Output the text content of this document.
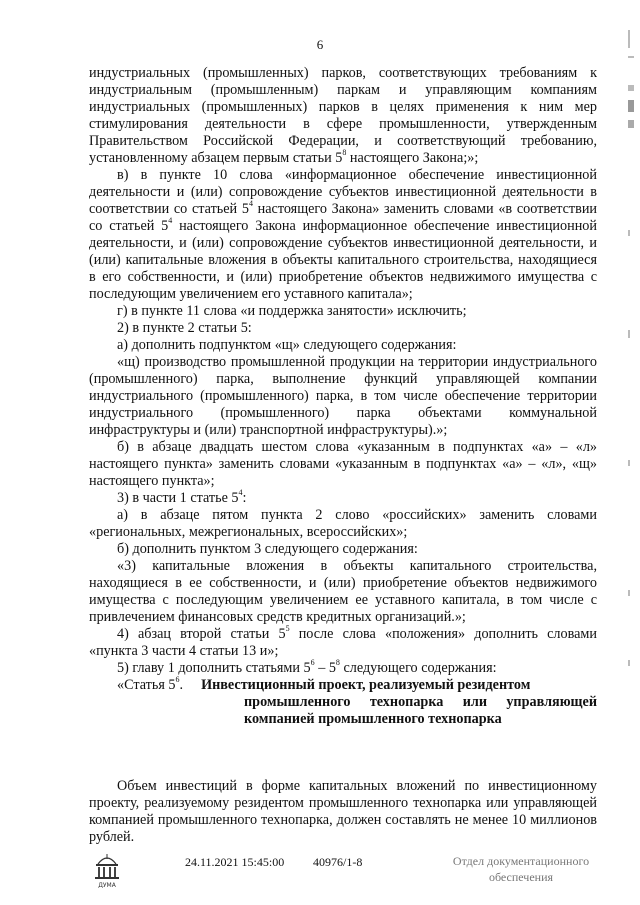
6

индустриальных (промышленных) парков, соответствующих требованиям к индустриальным (промышленным) паркам и управляющим компаниям индустриальных (промышленных) парков в целях применения к ним мер стимулирования деятельности в сфере промышленности, утвержденным Правительством Российской Федерации, и соответствующий требованию, установленному абзацем первым статьи $5^8$ настоящего Закона;»;

в) в пункте 10 слова «информационное обеспечение инвестиционной деятельности и (или) сопровождение субъектов инвестиционной деятельности в соответствии со статьей $5^4$ настоящего Закона» заменить словами «в соответствии со статьей $5^4$ настоящего Закона информационное обеспечение инвестиционной деятельности, и (или) сопровождение субъектов инвестиционной деятельности, и (или) капитальные вложения в объекты капитального строительства, находящиеся в его собственности, и (или) приобретение объектов недвижимого имущества с последующим увеличением его уставного капитала»;

г) в пункте 11 слова «и поддержка занятости» исключить;

2) в пункте 2 статьи 5:

а) дополнить подпунктом «щ» следующего содержания:

«щ) производство промышленной продукции на территории индустриального (промышленного) парка, выполнение функций управляющей компании индустриального (промышленного) парка, в том числе обеспечение территории индустриального (промышленного) парка объектами коммунальной инфраструктуры и (или) транспортной инфраструктуры).»;

б) в абзаце двадцать шестом слова «указанным в подпунктах «а» – «л» настоящего пункта» заменить словами «указанным в подпунктах «а» – «л», «щ» настоящего пункта»;

3) в части 1 статье $5^4$:

а) в абзаце пятом пункта 2 слово «российских» заменить словами «региональных, межрегиональных, всероссийских»;

б) дополнить пунктом 3 следующего содержания:

«3) капитальные вложения в объекты капитального строительства, находящиеся в ее собственности, и (или) приобретение объектов недвижимого имущества с последующим увеличением ее уставного капитала, в том числе с привлечением финансовых средств кредитных организаций.»;

4) абзац второй статьи $5^5$ после слова «положения» дополнить словами «пункта 3 части 4 статьи 13 и»;

5) главу 1 дополнить статьями $5^6 - 5^8$ следующего содержания:

«Статья $5^6$. Инвестиционный проект, реализуемый резидентом

промышленного технопарка или управляющей компанией промышленного технопарка

Объем инвестиций в форме капитальных вложений по инвестиционному проекту, реализуемому резидентом промышленного технопарка или управляющей компанией промышленного технопарка, должен составлять не менее 10 миллионов рублей.

ДУМА
24.11.2021 15:45:00 40976/1-8	Отдел документационного
обеспечения
